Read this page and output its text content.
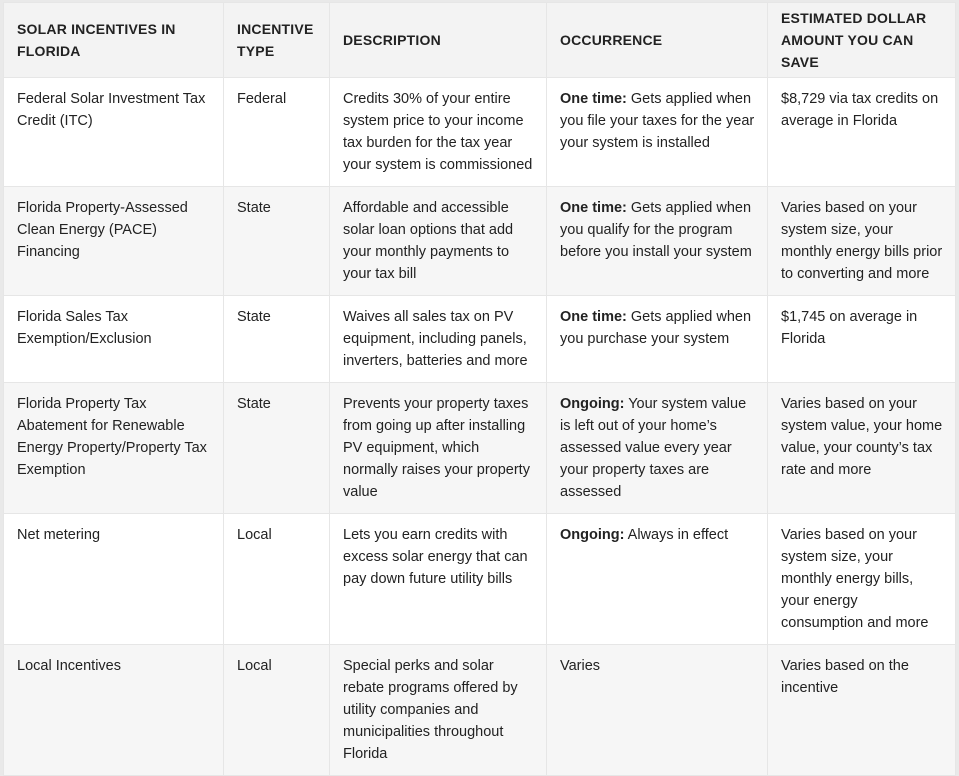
SOLAR INCENTIVES IN FLORIDA	INCENTIVE TYPE	DESCRIPTION	OCCURRENCE	ESTIMATED DOLLAR AMOUNT YOU CAN SAVE
Federal Solar Investment Tax Credit (ITC)	Federal	Credits 30% of your entire system price to your income tax burden for the tax year your system is commissioned	One time: Gets applied when you file your taxes for the year your system is installed	$8,729 via tax credits on average in Florida
Florida Property-Assessed Clean Energy (PACE) Financing	State	Affordable and accessible solar loan options that add your monthly payments to your tax bill	One time: Gets applied when you qualify for the program before you install your system	Varies based on your system size, your monthly energy bills prior to converting and more
Florida Sales Tax Exemption/Exclusion	State	Waives all sales tax on PV equipment, including panels, inverters, batteries and more	One time: Gets applied when you purchase your system	$1,745 on average in Florida
Florida Property Tax Abatement for Renewable Energy Property/Property Tax Exemption	State	Prevents your property taxes from going up after installing PV equipment, which normally raises your property value	Ongoing: Your system value is left out of your home’s assessed value every year your property taxes are assessed	Varies based on your system value, your home value, your county’s tax rate and more
Net metering	Local	Lets you earn credits with excess solar energy that can pay down future utility bills	Ongoing: Always in effect	Varies based on your system size, your monthly energy bills, your energy consumption and more
Local Incentives	Local	Special perks and solar rebate programs offered by utility companies and municipalities throughout Florida	Varies	Varies based on the incentive
